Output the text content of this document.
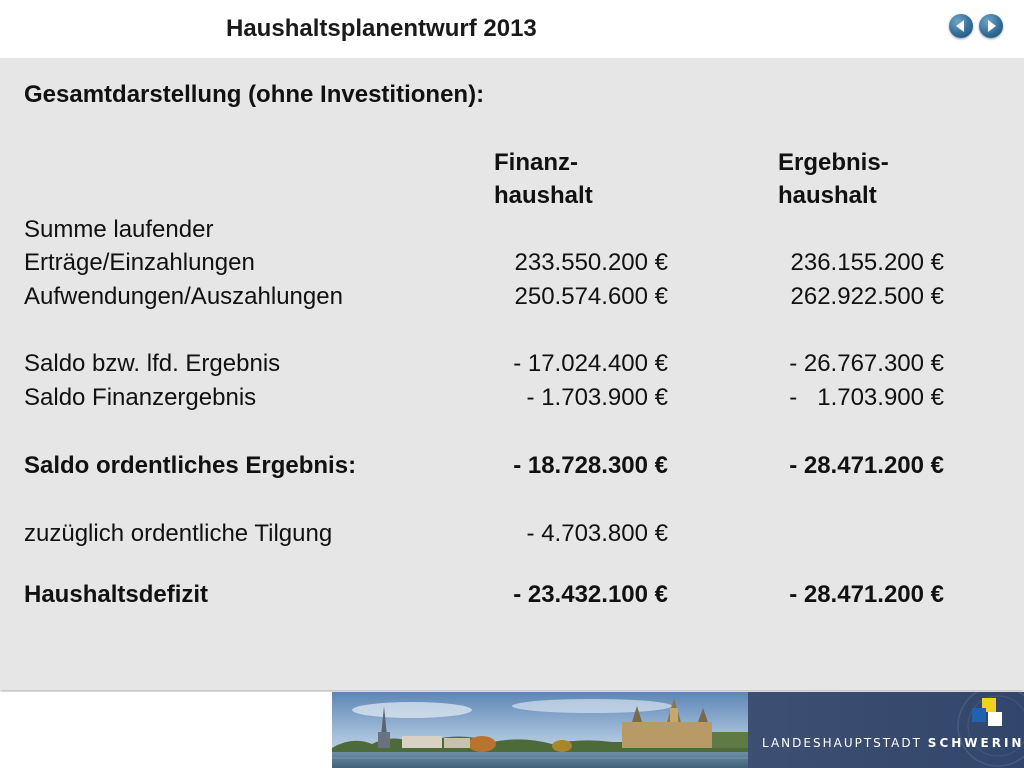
Haushaltsplanentwurf 2013
Gesamtdarstellung (ohne Investitionen):
Finanz-
haushalt
Ergebnis-
haushalt
Summe laufender
Erträge/Einzahlungen	233.550.200 €	236.155.200 €
Aufwendungen/Auszahlungen	250.574.600 €	262.922.500 €
Saldo bzw. lfd. Ergebnis	- 17.024.400 €	- 26.767.300 €
Saldo Finanzergebnis	- 1.703.900 €	-   1.703.900 €
Saldo ordentliches Ergebnis:	- 18.728.300 €	- 28.471.200 €
zuzüglich ordentliche Tilgung	- 4.703.800 €
Haushaltsdefizit	- 23.432.100 €	- 28.471.200 €
LANDESHAUPTSTADT SCHWERIN
